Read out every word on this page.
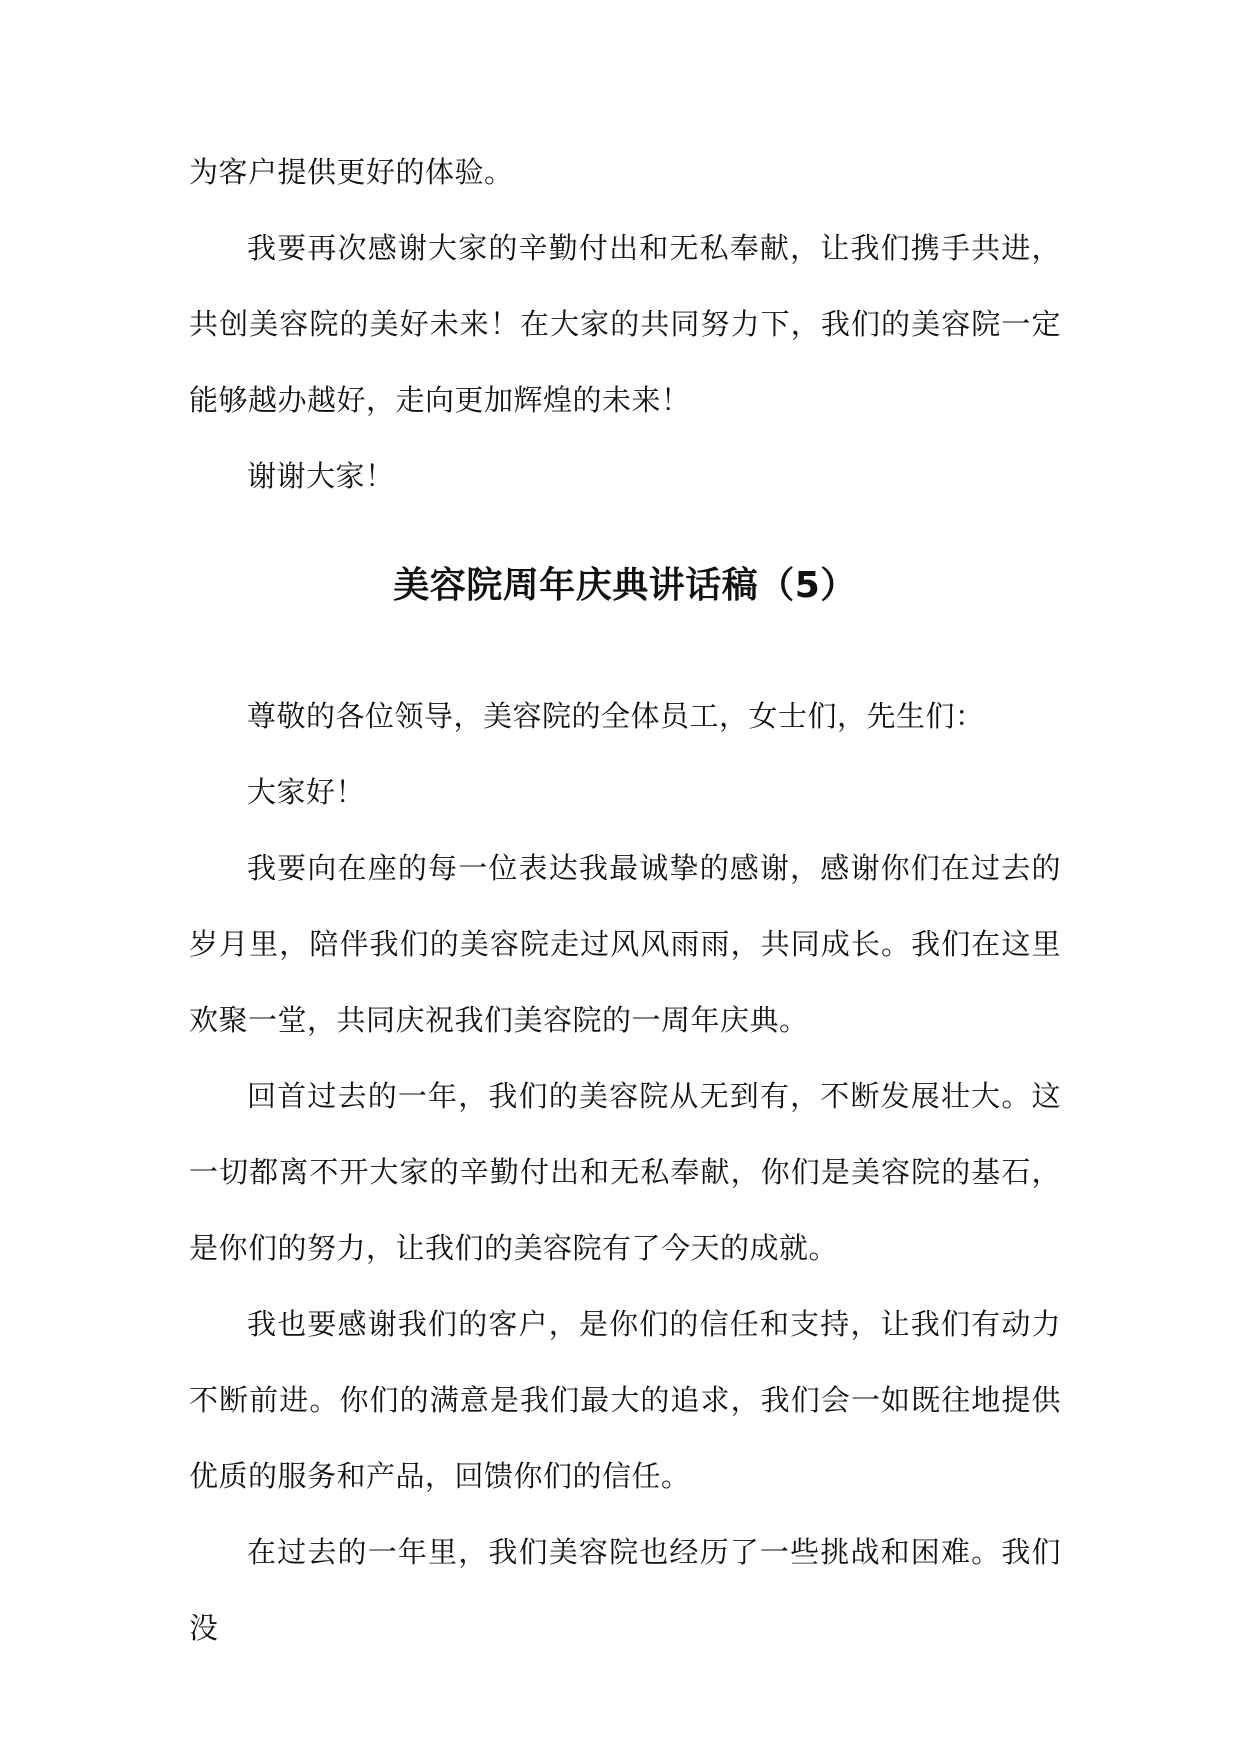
为客户提供更好的体验。

我要再次感谢大家的辛勤付出和无私奉献，让我们携手共进，共创美容院的美好未来！在大家的共同努力下，我们的美容院一定能够越办越好，走向更加辉煌的未来！

谢谢大家！

美容院周年庆典讲话稿（5）

尊敬的各位领导，美容院的全体员工，女士们，先生们：

大家好！

我要向在座的每一位表达我最诚挚的感谢，感谢你们在过去的岁月里，陪伴我们的美容院走过风风雨雨，共同成长。我们在这里欢聚一堂，共同庆祝我们美容院的一周年庆典。

回首过去的一年，我们的美容院从无到有，不断发展壮大。这一切都离不开大家的辛勤付出和无私奉献，你们是美容院的基石，是你们的努力，让我们的美容院有了今天的成就。

我也要感谢我们的客户，是你们的信任和支持，让我们有动力不断前进。你们的满意是我们最大的追求，我们会一如既往地提供优质的服务和产品，回馈你们的信任。

在过去的一年里，我们美容院也经历了一些挑战和困难。我们没
